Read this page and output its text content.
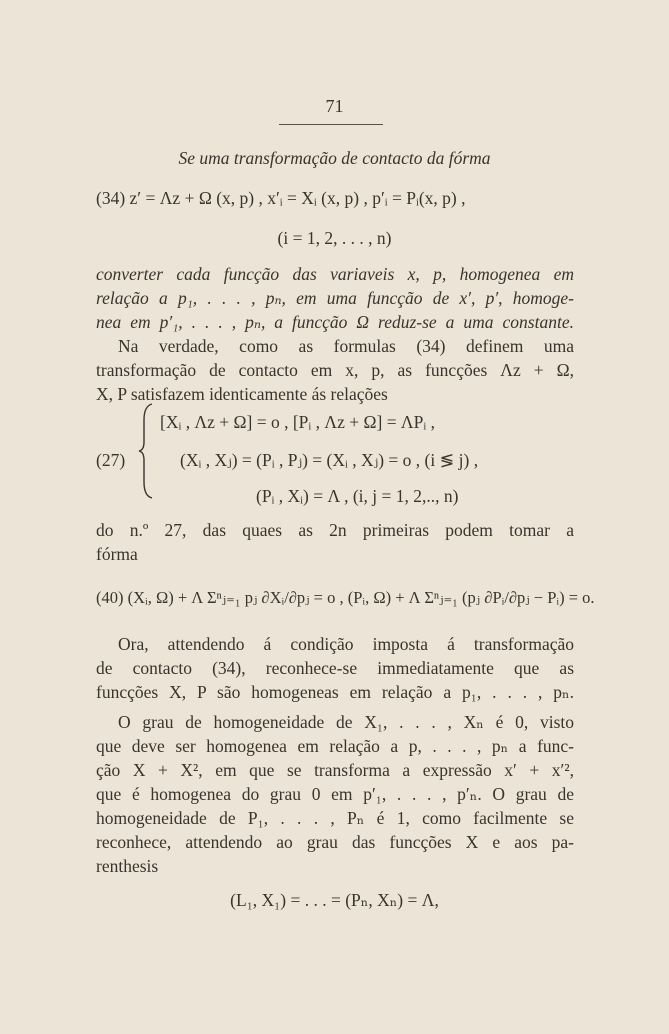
71
Se uma transformação de contacto da fórma
(34) z′ = Λz + Ω (x, p) , x′ᵢ = Xᵢ (x, p) , p′ᵢ = Pᵢ(x, p) ,
(i = 1, 2, . . . , n)
converter cada funcção das variaveis x, p, homogenea em
relação a p₁, . . . , pₙ, em uma funcção de x′, p′, homoge-
nea em p′₁, . . . , pₙ, a funcção Ω reduz-se a uma constante.
Na verdade, como as formulas (34) definem uma
transformação de contacto em x, p, as funcções Λz + Ω,
X, P satisfazem identicamente ás relações
[Xᵢ , Λz + Ω] = o , [Pᵢ , Λz + Ω] = ΛPᵢ ,
(27)	(Xᵢ , Xⱼ) = (Pᵢ , Pⱼ) = (Xᵢ , Xⱼ) = o , (i ≶ j) ,
(Pᵢ , Xᵢ) = Λ , (i, j = 1, 2,.., n)
do n.º 27, das quaes as 2n primeiras podem tomar a
fórma
(40) (Xᵢ, Ω) + Λ Σⁿⱼ₌₁ pⱼ ∂Xᵢ/∂pⱼ = o , (Pᵢ, Ω) + Λ Σⁿⱼ₌₁ (pⱼ ∂Pᵢ/∂pⱼ − Pᵢ) = o.
Ora, attendendo á condição imposta á transformação
de contacto (34), reconhece-se immediatamente que as
funcções X, P são homogeneas em relação a p₁, . . . , pₙ.
O grau de homogeneidade de X₁, . . . , Xₙ é 0, visto
que deve ser homogenea em relação a p, . . . , pₙ a func-
ção X + X², em que se transforma a expressão x′ + x′²,
que é homogenea do grau 0 em p′₁, . . . , p′ₙ. O grau de
homogeneidade de P₁, . . . , Pₙ é 1, como facilmente se
reconhece, attendendo ao grau das funcções X e aos pa-
renthesis
(L₁, X₁) = . . . = (Pₙ, Xₙ) = Λ,
